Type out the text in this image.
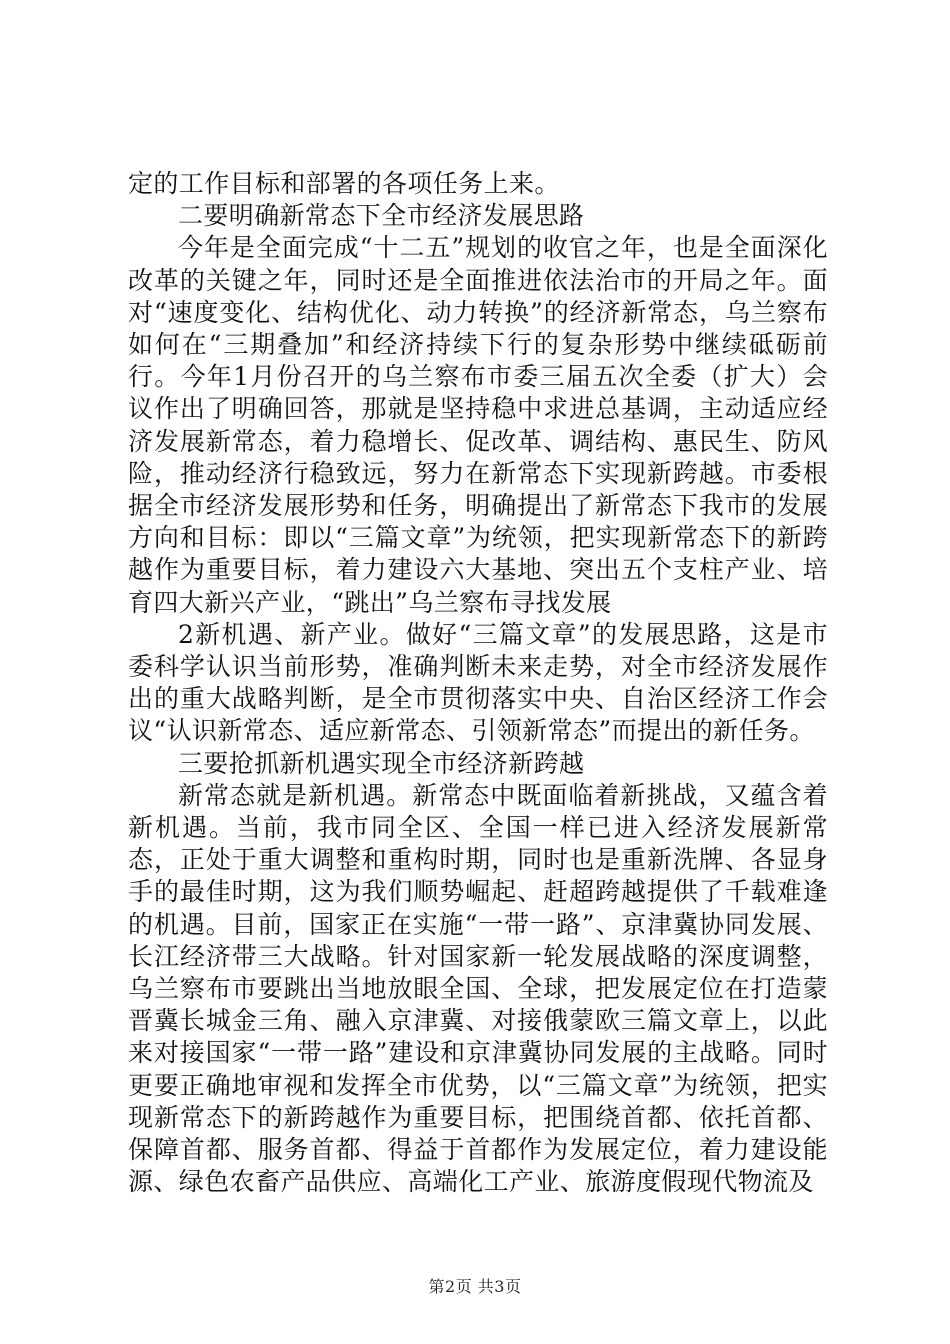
定的工作目标和部署的各项任务上来。

二要明确新常态下全市经济发展思路

今年是全面完成“十二五”规划的收官之年，也是全面深化改革的关键之年，同时还是全面推进依法治市的开局之年。面对“速度变化、结构优化、动力转换”的经济新常态，乌兰察布如何在“三期叠加”和经济持续下行的复杂形势中继续砥砺前行。今年1月份召开的乌兰察布市委三届五次全委（扩大）会议作出了明确回答，那就是坚持稳中求进总基调，主动适应经济发展新常态，着力稳增长、促改革、调结构、惠民生、防风险，推动经济行稳致远，努力在新常态下实现新跨越。市委根据全市经济发展形势和任务，明确提出了新常态下我市的发展方向和目标：即以“三篇文章”为统领，把实现新常态下的新跨越作为重要目标，着力建设六大基地、突出五个支柱产业、培育四大新兴产业，“跳出”乌兰察布寻找发展

2新机遇、新产业。做好“三篇文章”的发展思路，这是市委科学认识当前形势，准确判断未来走势，对全市经济发展作出的重大战略判断，是全市贯彻落实中央、自治区经济工作会议“认识新常态、适应新常态、引领新常态”而提出的新任务。

三要抢抓新机遇实现全市经济新跨越

新常态就是新机遇。新常态中既面临着新挑战，又蕴含着新机遇。当前，我市同全区、全国一样已进入经济发展新常态，正处于重大调整和重构时期，同时也是重新洗牌、各显身手的最佳时期，这为我们顺势崛起、赶超跨越提供了千载难逢的机遇。目前，国家正在实施“一带一路”、京津冀协同发展、长江经济带三大战略。针对国家新一轮发展战略的深度调整，乌兰察布市要跳出当地放眼全国、全球，把发展定位在打造蒙晋冀长城金三角、融入京津冀、对接俄蒙欧三篇文章上，以此来对接国家“一带一路”建设和京津冀协同发展的主战略。同时更要正确地审视和发挥全市优势，以“三篇文章”为统领，把实现新常态下的新跨越作为重要目标，把围绕首都、依托首都、保障首都、服务首都、得益于首都作为发展定位，着力建设能源、绿色农畜产品供应、高端化工产业、旅游度假现代物流及

第2页 共3页
